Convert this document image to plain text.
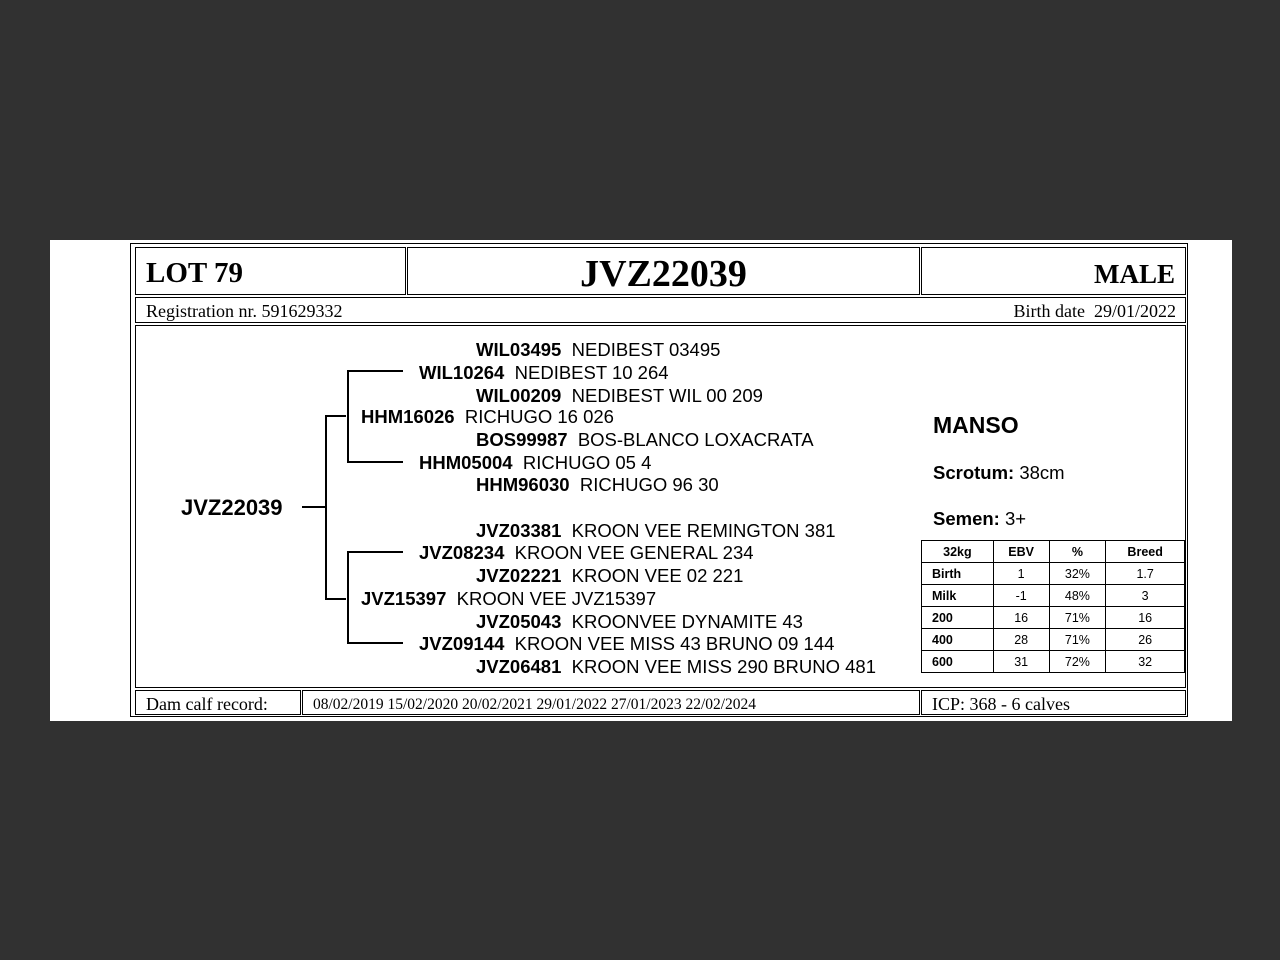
LOT 79	JVZ22039	MALE
Registration nr. 591629332	Birth date 29/01/2022
JVZ22039
WIL03495 NEDIBEST 03495
WIL10264 NEDIBEST 10 264
WIL00209 NEDIBEST WIL 00 209
HHM16026 RICHUGO 16 026
BOS99987 BOS-BLANCO LOXACRATA
HHM05004 RICHUGO 05 4
HHM96030 RICHUGO 96 30
JVZ03381 KROON VEE REMINGTON 381
JVZ08234 KROON VEE GENERAL 234
JVZ02221 KROON VEE 02 221
JVZ15397 KROON VEE JVZ15397
JVZ05043 KROONVEE DYNAMITE 43
JVZ09144 KROON VEE MISS 43 BRUNO 09 144
JVZ06481 KROON VEE MISS 290 BRUNO 481
MANSO
Scrotum: 38cm
Semen: 3+
32kg	EBV	%	Breed
Birth	1	32%	1.7
Milk	-1	48%	3
200	16	71%	16
400	28	71%	26
600	31	72%	32
Dam calf record:	08/02/2019 15/02/2020 20/02/2021 29/01/2022 27/01/2023 22/02/2024	ICP: 368 - 6 calves
